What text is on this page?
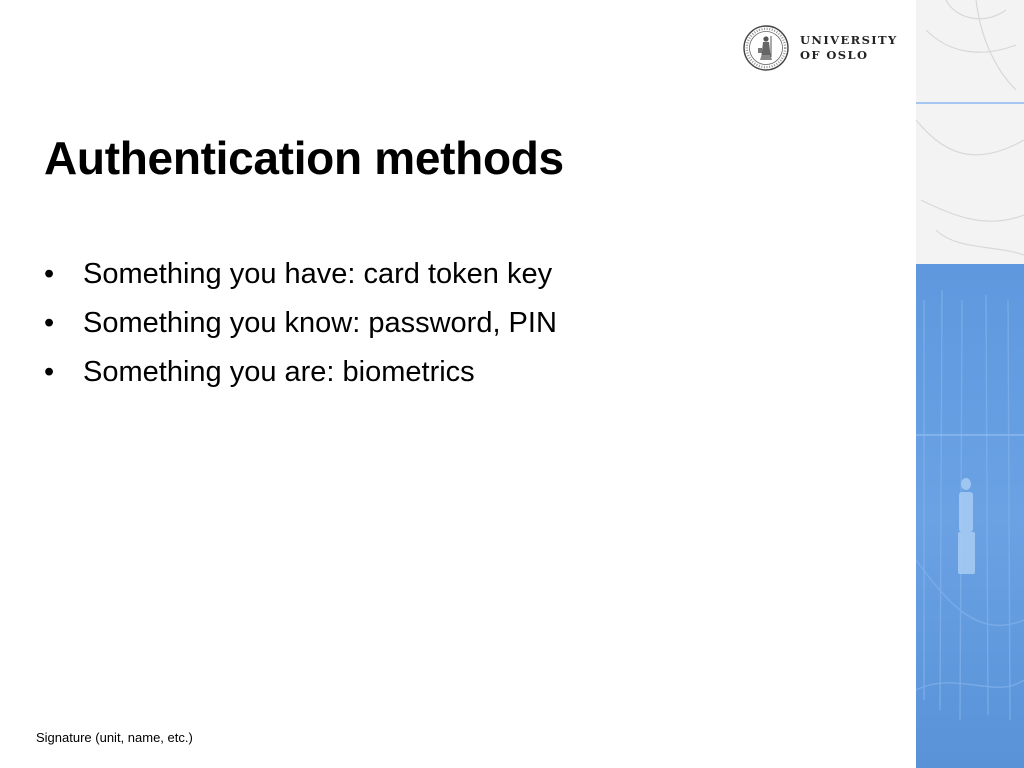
UNIVERSITY
OF OSLO
Authentication methods
• Something you have: card token key
• Something you know: password, PIN
• Something you are: biometrics
Signature (unit, name, etc.)
